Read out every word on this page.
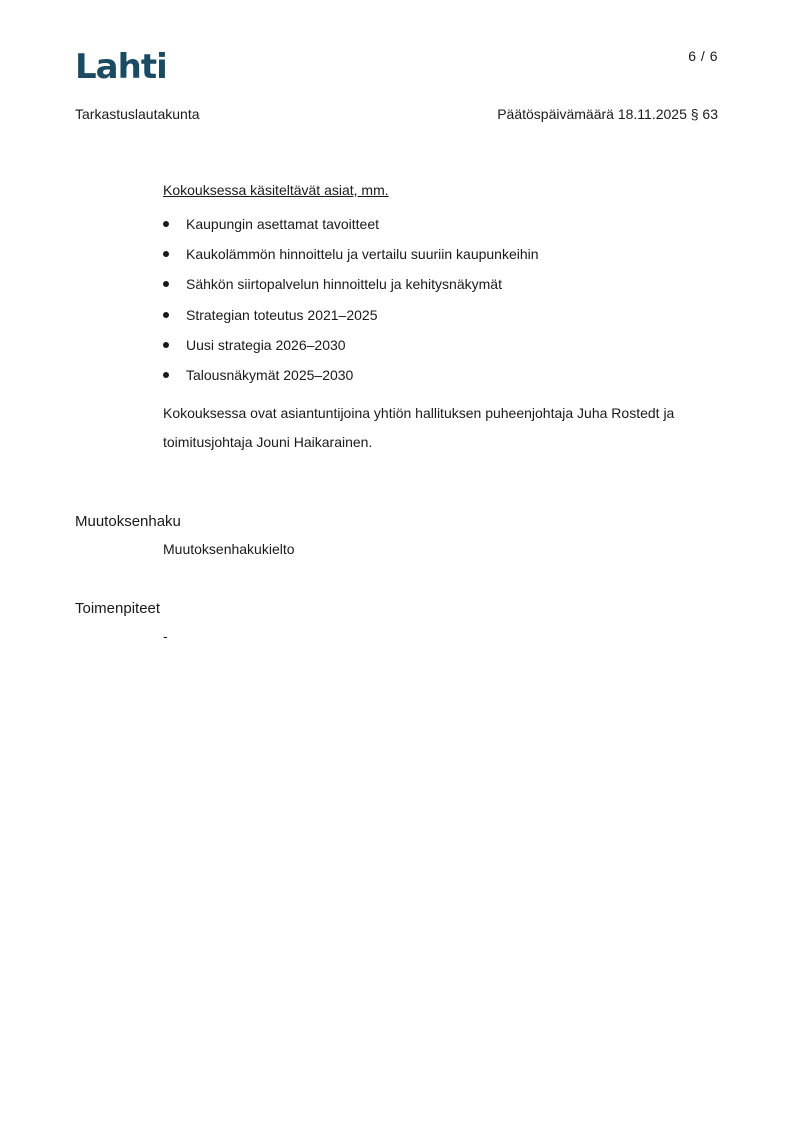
Lahti	6 / 6
Tarkastuslautakunta	Päätöspäivämäärä 18.11.2025 § 63

Kokouksessa käsiteltävät asiat, mm.

Kaupungin asettamat tavoitteet
Kaukolämmön hinnoittelu ja vertailu suuriin kaupunkeihin
Sähkön siirtopalvelun hinnoittelu ja kehitysnäkymät
Strategian toteutus 2021–2025
Uusi strategia 2026–2030
Talousnäkymät 2025–2030

Kokouksessa ovat asiantuntijoina yhtiön hallituksen puheenjohtaja Juha Rostedt ja toimitusjohtaja Jouni Haikarainen.

Muutoksenhaku
Muutoksenhakukielto
Toimenpiteet
-
